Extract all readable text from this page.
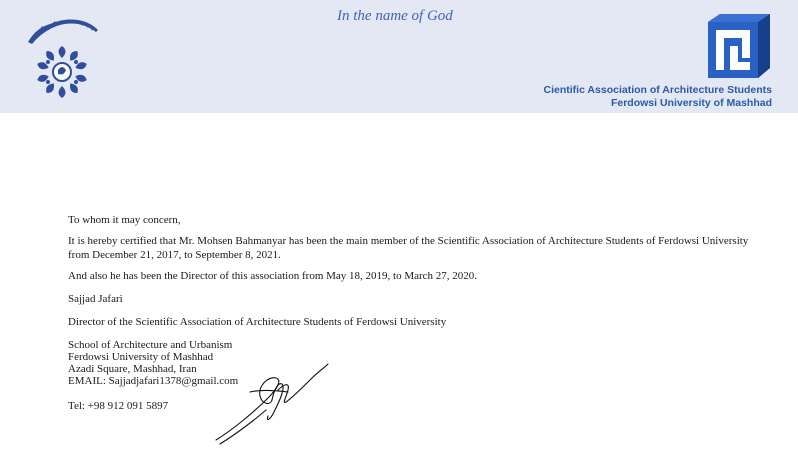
In the name of God
Cientific Association of Architecture Students
Ferdowsi University of Mashhad

To whom it may concern,

It is hereby certified that Mr. Mohsen Bahmanyar has been the main member of the Scientific Association of Architecture Students of Ferdowsi University from December 21, 2017, to September 8, 2021.

And also he has been the Director of this association from May 18, 2019, to March 27, 2020.

Sajjad Jafari

Director of the Scientific Association of Architecture Students of Ferdowsi University

School of Architecture and Urbanism

Ferdowsi University of Mashhad

Azadi Square, Mashhad, Iran

EMAIL: Sajjadjafari1378@gmail.com

Tel: +98 912 091 5897
